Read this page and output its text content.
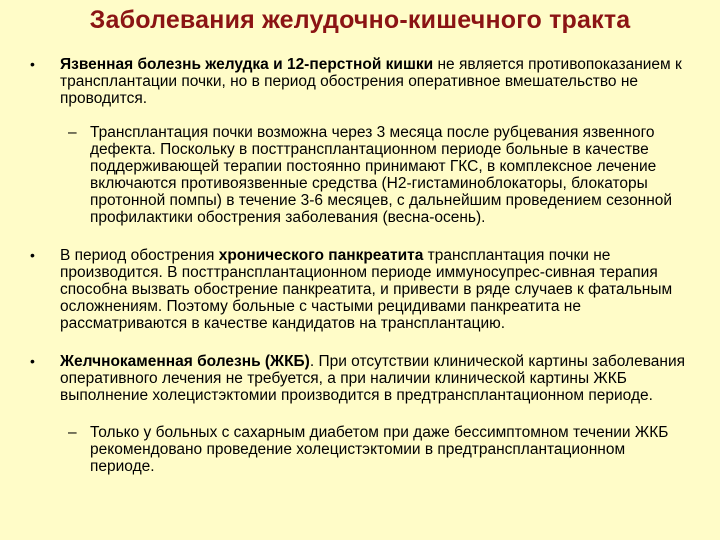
Заболевания желудочно-кишечного тракта
• Язвенная болезнь желудка и 12-перстной кишки не является противопоказанием к трансплантации почки, но в период обострения оперативное вмешательство не проводится.
– Трансплантация почки возможна через 3 месяца после рубцевания язвенного дефекта. Поскольку в посттрансплантационном периоде больные в качестве поддерживающей терапии постоянно принимают ГКС, в комплексное лечение включаются противоязвенные средства (Н2-гистаминоблокаторы, блокаторы протонной помпы) в течение 3-6 месяцев, с дальнейшим проведением сезонной профилактики обострения заболевания (весна-осень).
• В период обострения хронического панкреатита трансплантация почки не производится. В посттрансплантационном периоде иммуносупрес-сивная терапия способна вызвать обострение панкреатита, и привести в ряде случаев к фатальным осложнениям. Поэтому больные с частыми рецидивами панкреатита не рассматриваются в качестве кандидатов на трансплантацию.
• Желчнокаменная болезнь (ЖКБ). При отсутствии клинической картины заболевания оперативного лечения не требуется, а при наличии клинической картины ЖКБ выполнение холецистэктомии производится в предтрансплантационном периоде.
– Только у больных с сахарным диабетом при даже бессимптомном течении ЖКБ рекомендовано проведение холецистэктомии в предтрансплантационном периоде.
